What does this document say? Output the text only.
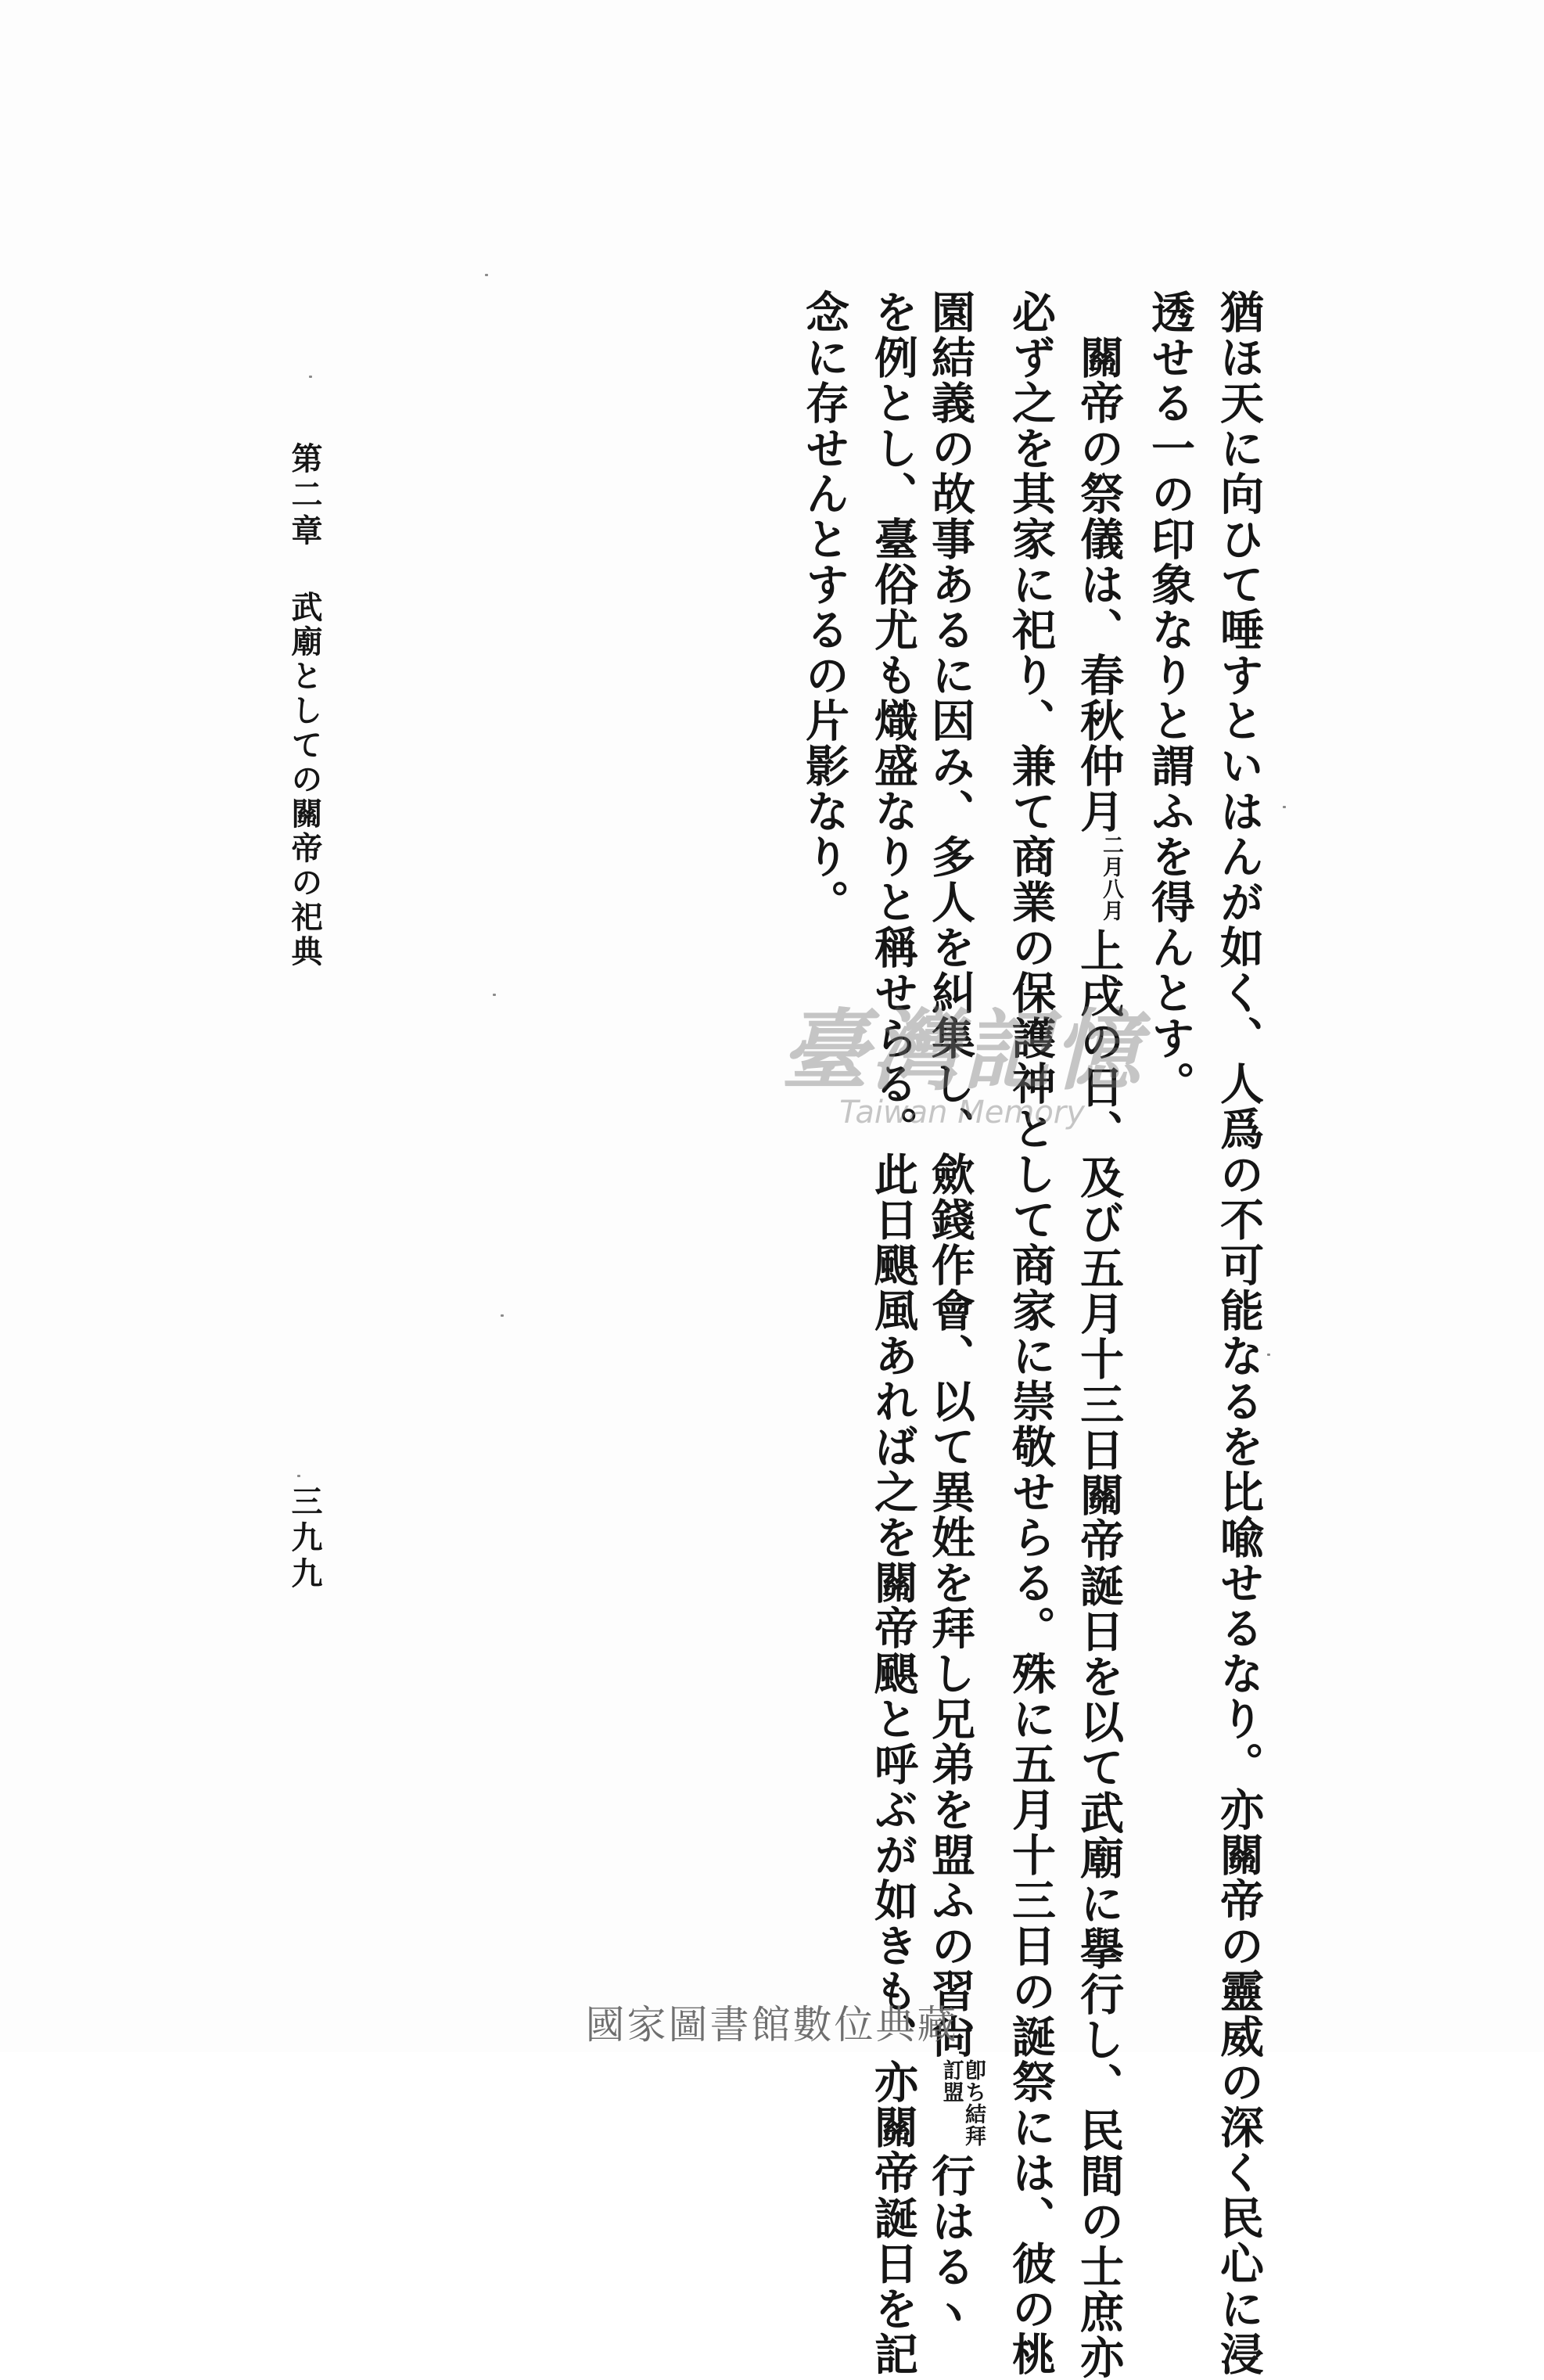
猶ほ天に向ひて唾すといはんが如く、人爲の不可能なるを比喩せるなり。亦關帝の靈威の深く民心に浸
透せる一の印象なりと謂ふを得んとす。
　關帝の祭儀は、春秋仲月二月八月上戌の日、及び五月十三日關帝誕日を以て武廟に擧行し、民間の士庶亦
必ず之を其家に祀り、兼て商業の保護神として商家に崇敬せらる。殊に五月十三日の誕祭には、彼の桃
園結義の故事あるに因み、多人を糾集し、歛錢作會、以て異姓を拜し兄弟を盟ふの習尙卽ち結拜訂盟行はるヽ
を例とし、臺俗尤も熾盛なりと稱せらる。此日颶風あれば之を關帝颶と呼ぶが如きも、亦關帝誕日を記
念に存せんとするの片影なり。
第二章
武廟としての關帝の祀典
三九九
臺灣記憶
Taiwan Memory
國家圖書館數位典藏
